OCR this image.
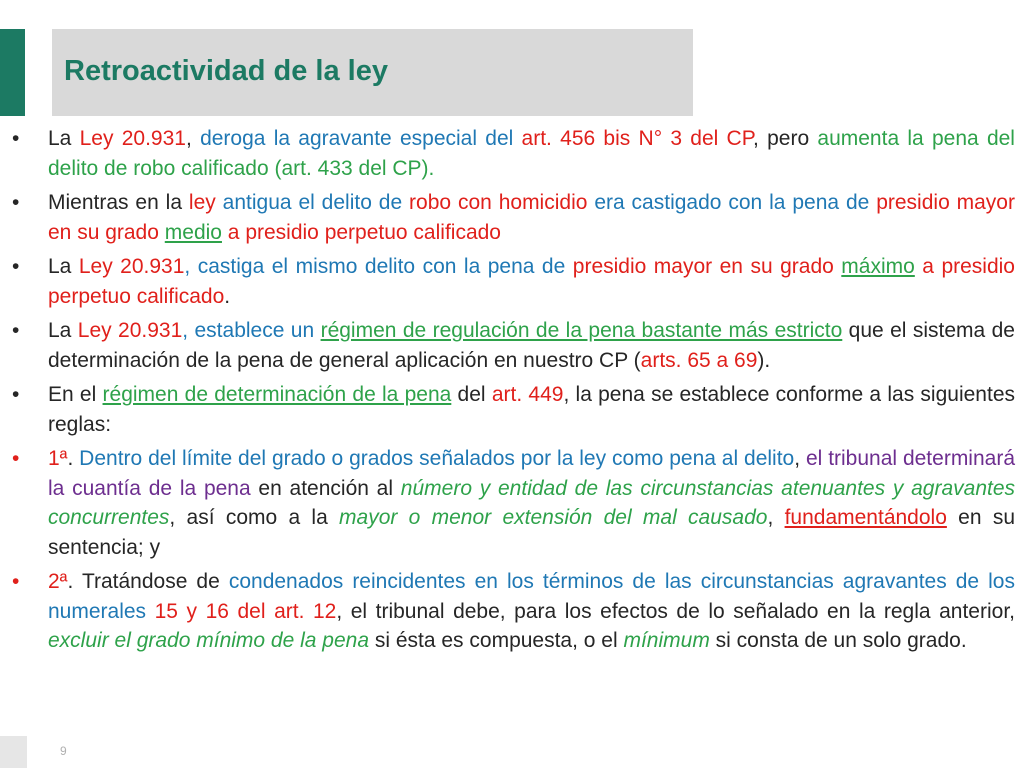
Retroactividad de la ley

• La Ley 20.931, deroga la agravante especial del art. 456 bis N° 3 del CP, pero aumenta la pena del delito de robo calificado (art. 433 del CP).

• Mientras en la ley antigua el delito de robo con homicidio era castigado con la pena de presidio mayor en su grado medio a presidio perpetuo calificado

• La Ley 20.931, castiga el mismo delito con la pena de presidio mayor en su grado máximo a presidio perpetuo calificado.

• La Ley 20.931, establece un régimen de regulación de la pena bastante más estricto que el sistema de determinación de la pena de general aplicación en nuestro CP (arts. 65 a 69).

• En el régimen de determinación de la pena del art. 449, la pena se establece conforme a las siguientes reglas:

• 1ª. Dentro del límite del grado o grados señalados por la ley como pena al delito, el tribunal determinará la cuantía de la pena en atención al número y entidad de las circunstancias atenuantes y agravantes concurrentes, así como a la mayor o menor extensión del mal causado, fundamentándolo en su sentencia; y

• 2ª. Tratándose de condenados reincidentes en los términos de las circunstancias agravantes de los numerales 15 y 16 del art. 12, el tribunal debe, para los efectos de lo señalado en la regla anterior, excluir el grado mínimo de la pena si ésta es compuesta, o el mínimum si consta de un solo grado.

9
